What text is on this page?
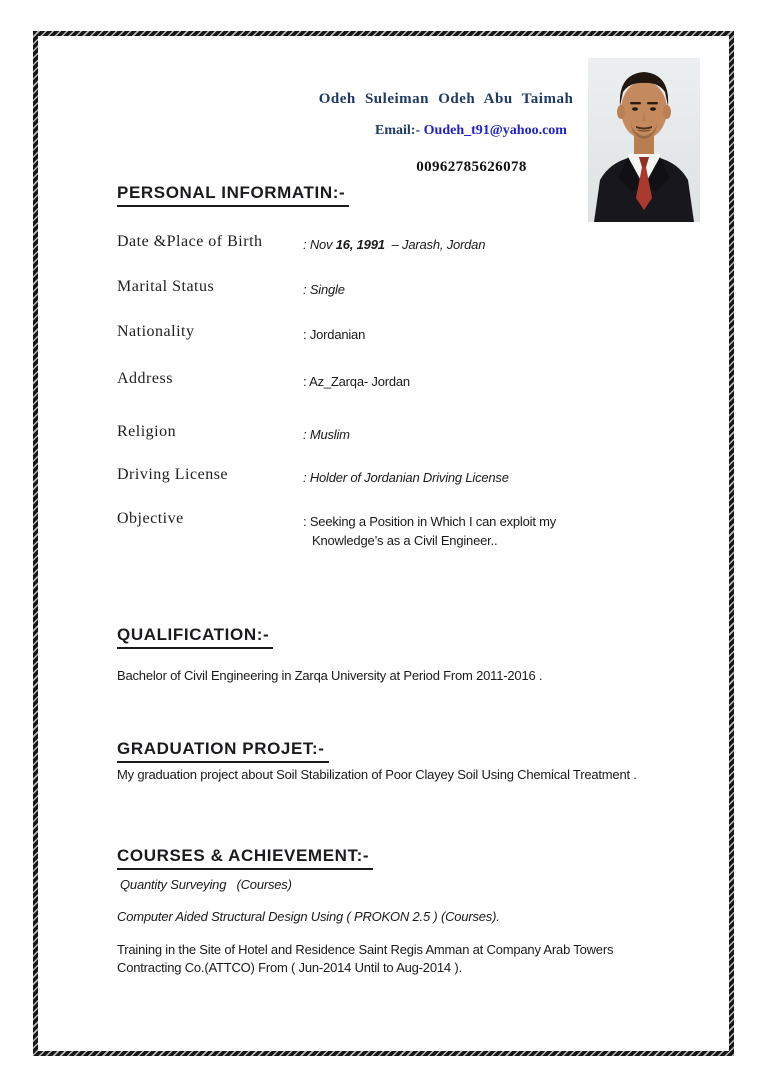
Odeh Suleiman Odeh Abu Taimah
Email:- Oudeh_t91@yahoo.com
00962785626078
PERSONAL INFORMATIN:-
Date &Place of Birth	: Nov 16, 1991  – Jarash, Jordan
Marital Status	: Single
Nationality	: Jordanian
Address	: Az_Zarqa- Jordan
Religion	: Muslim
Driving License	: Holder of Jordanian Driving License
Objective	: Seeking a Position in Which I can exploit my
Knowledge’s as a Civil Engineer..
QUALIFICATION:-
Bachelor of Civil Engineering in Zarqa University at Period From 2011-2016 .
GRADUATION PROJET:-
My graduation project about Soil Stabilization of Poor Clayey Soil Using Chemical Treatment .
COURSES & ACHIEVEMENT:-
Quantity Surveying   (Courses)
Computer Aided Structural Design Using ( PROKON 2.5 ) (Courses).
Training in the Site of Hotel and Residence Saint Regis Amman at Company Arab Towers
Contracting Co.(ATTCO) From ( Jun-2014 Until to Aug-2014 ).
